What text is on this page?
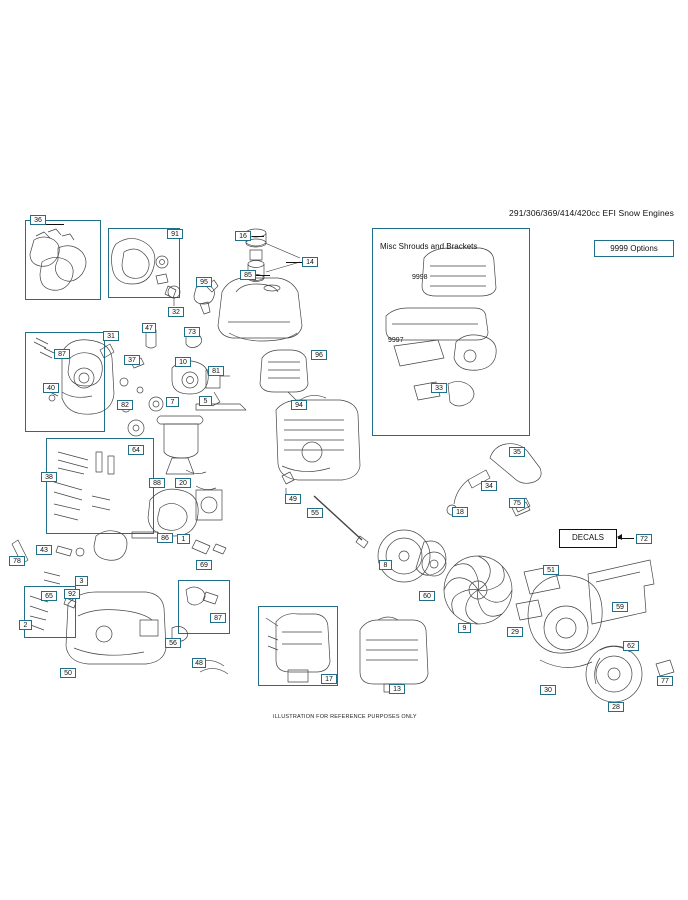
291/306/369/414/420cc EFI Snow Engines
9999 Options
DECALS
Misc Shrouds and Brackets
9998
9997
36
91	16
14
85
95
32
31
47
73
87
37	10
81
96
40
82	7	5
94
64
38
88	20
49
55
35
34
18
75
72
43
86	1
78
3
69	8
51
65	92
87
60
59
2
56
48
9
29
62
50
17
13	30
28
77
33
ILLUSTRATION FOR REFERENCE PURPOSES ONLY
